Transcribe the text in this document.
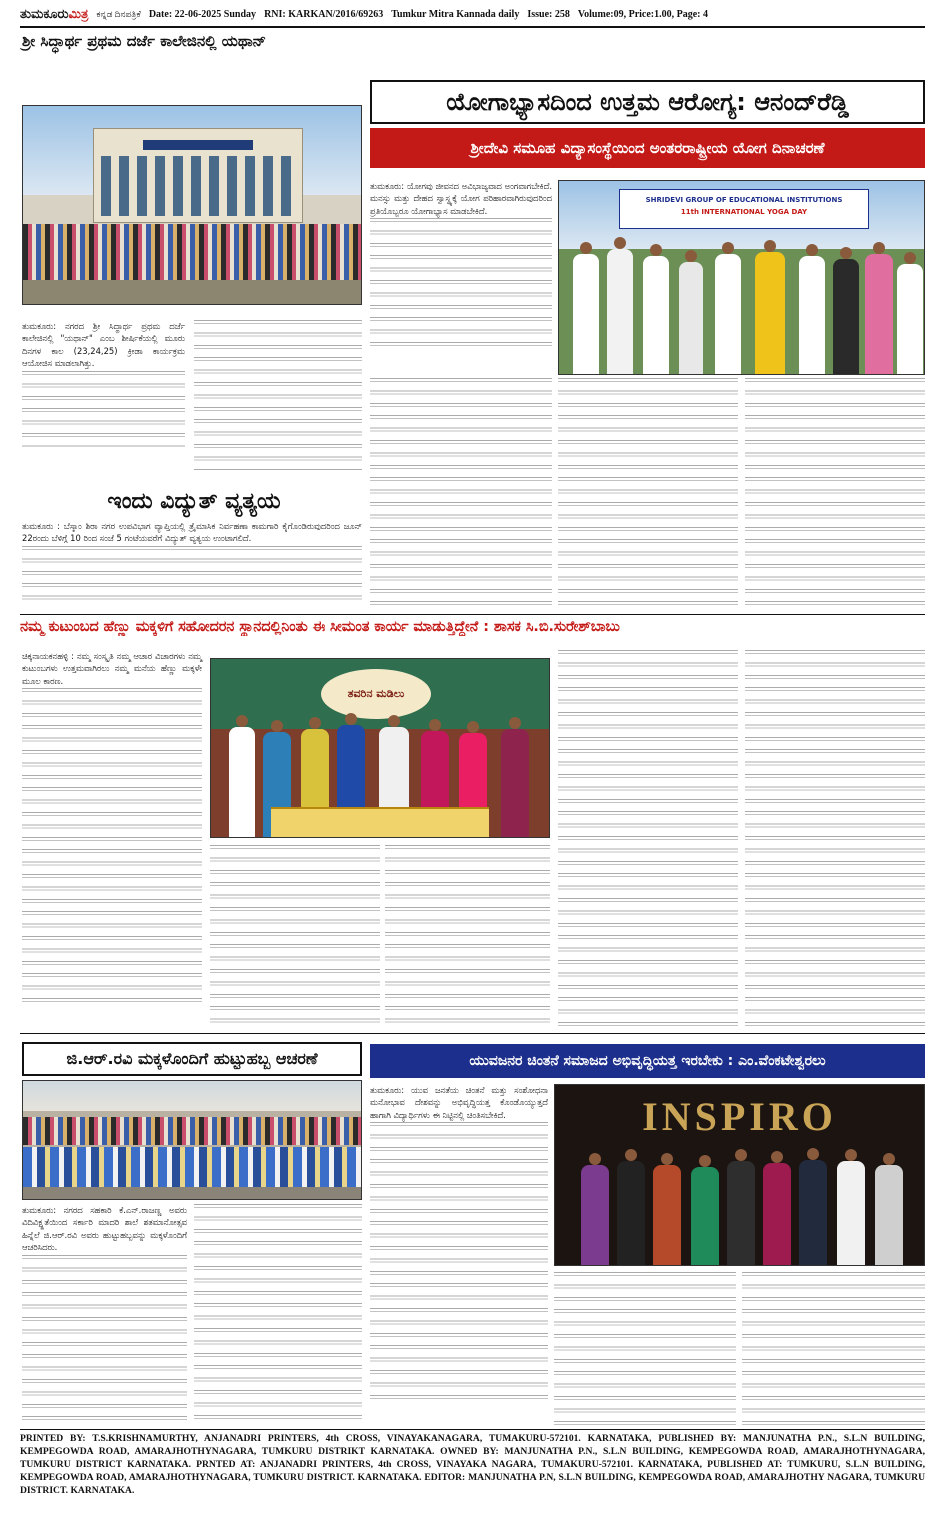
ತುಮಕೂರುಮಿತ್ರ ಕನ್ನಡ ದಿನಪತ್ರಿಕೆ Date: 22-06-2025 Sunday RNI: KARKAN/2016/69263 Tumkur Mitra Kannada daily Issue: 258 Volume:09, Price:1.00, Page: 4
ಶ್ರೀ ಸಿದ್ಧಾರ್ಥ ಪ್ರಥಮ ದರ್ಜೆ ಕಾಲೇಜಿನಲ್ಲಿ ಯಥಾನ್

ತುಮಕೂರು: ನಗರದ ಶ್ರೀ ಸಿದ್ಧಾರ್ಥ ಪ್ರಥಮ ದರ್ಜೆ ಕಾಲೇಜಿನಲ್ಲಿ "ಯಥಾನ್" ಎಂಬ ಶೀರ್ಷಿಕೆಯಲ್ಲಿ ಮೂರು ದಿನಗಳ ಕಾಲ (23,24,25) ಕ್ರೀಡಾ ಕಾರ್ಯಕ್ರಮ ಆಯೋಜಿಸ ಮಾಡಲಾಗಿತ್ತು.

ಇಂದು ವಿದ್ಯುತ್ ವ್ಯತ್ಯಯ

ತುಮಕೂರು : ಬೆಸ್ಕಾಂ ಶಿರಾ ನಗರ ಉಪವಿಭಾಗ ವ್ಯಾಪ್ತಿಯಲ್ಲಿ ತ್ರೈಮಾಸಿಕ ನಿರ್ವಹಣಾ ಕಾಮಗಾರಿ ಕೈಗೊಂಡಿರುವುದರಿಂದ ಜೂನ್ 22ರಂದು ಬೆಳಿಗ್ಗೆ 10 ರಿಂದ ಸಂಜೆ 5 ಗಂಟೆಯವರೆಗೆ ವಿದ್ಯುತ್ ವ್ಯತ್ಯಯ ಉಂಟಾಗಲಿದೆ.

ಯೋಗಾಭ್ಯಾಸದಿಂದ ಉತ್ತಮ ಆರೋಗ್ಯ: ಆನಂದ್‌ರೆಡ್ಡಿ
ಶ್ರೀದೇವಿ ಸಮೂಹ ವಿದ್ಯಾಸಂಸ್ಥೆಯಿಂದ ಅಂತರರಾಷ್ಟ್ರೀಯ ಯೋಗ ದಿನಾಚರಣೆ

ತುಮಕೂರು: ಯೋಗವು ಜೀವನದ ಅವಿಭಾಜ್ಯವಾದ ಅಂಗವಾಗಬೇಕಿದೆ. ಮನಸ್ಸು ಮತ್ತು ದೇಹದ ಸ್ವಾಸ್ಥ್ಯಕ್ಕೆ ಯೋಗ ಪರಿಹಾರವಾಗಿರುವುದರಿಂದ ಪ್ರತಿಯೊಬ್ಬರೂ ಯೋಗಾಭ್ಯಾಸ ಮಾಡಬೇಕಿದೆ.

SHRIDEVI GROUP OF EDUCATIONAL INSTITUTIONS
11th INTERNATIONAL YOGA DAY
ನಮ್ಮ ಕುಟುಂಬದ ಹೆಣ್ಣು ಮಕ್ಕಳಿಗೆ ಸಹೋದರನ ಸ್ಥಾನದಲ್ಲಿನಿಂತು ಈ ಸೀಮಂತ ಕಾರ್ಯ ಮಾಡುತ್ತಿದ್ದೇನೆ : ಶಾಸಕ ಸಿ.ಬಿ.ಸುರೇಶ್‌ಬಾಬು

ಚಿಕ್ಕನಾಯಕನಹಳ್ಳಿ : ನಮ್ಮ ಸಂಸ್ಕೃತಿ ನಮ್ಮ ಆಚಾರ ವಿಚಾರಗಳು ನಮ್ಮ ಕುಟುಂಬಗಳು ಉತ್ತಮವಾಗಿರಲು ನಮ್ಮ ಮನೆಯ ಹೆಣ್ಣು ಮಕ್ಕಳೇ ಮೂಲ ಕಾರಣ.

ತವರಿನ ಮಡಿಲು
ಜಿ.ಆರ್.ರವಿ ಮಕ್ಕಳೊಂದಿಗೆ ಹುಟ್ಟುಹಬ್ಬ ಆಚರಣೆ

ತುಮಕೂರು: ನಗರದ ಸಹಕಾರಿ ಕೆ.ಎನ್.ರಾಜಣ್ಣ ಅವರು ವಿದಿವಿಕ್ಷ್ಣತೆಯಿಂದ ಸರ್ಕಾರಿ ಮಾದರಿ ಶಾಲೆ ಶತಮಾನೋತ್ಸವ ಹಿನ್ನೆಲೆ ಜಿ.ಆರ್.ರವಿ ಅವರು ಹುಟ್ಟುಹಬ್ಬವನ್ನು ಮಕ್ಕಳೊಂದಿಗೆ ಆಚರಿಸಿದರು.

ಯುವಜನರ ಚಿಂತನೆ ಸಮಾಜದ ಅಭಿವೃದ್ಧಿಯತ್ತ ಇರಬೇಕು : ಎಂ.ವೆಂಕಟೇಶ್ವರಲು

ತುಮಕೂರು: ಯುವ ಜನತೆಯ ಚಿಂತನೆ ಮತ್ತು ಸಂಶೋಧನಾ ಮನೋಭಾವ ದೇಶವನ್ನು ಅಭಿವೃದ್ಧಿಯತ್ತ ಕೊಂಡೊಯ್ಯುತ್ತದೆ ಹಾಗಾಗಿ ವಿದ್ಯಾರ್ಥಿಗಳು ಈ ನಿಟ್ಟಿನಲ್ಲಿ ಚಿಂತಿಸಬೇಕಿದೆ.	INSPIRO
PRINTED BY: T.S.KRISHNAMURTHY, ANJANADRI PRINTERS, 4th CROSS, VINAYAKANAGARA, TUMAKURU-572101. KARNATAKA, PUBLISHED BY: MANJUNATHA P.N., S.L.N BUILDING, KEMPEGOWDA ROAD, AMARAJHOTHYNAGARA, TUMKURU DISTRIKT KARNATAKA. OWNED BY: MANJUNATHA P.N., S.L.N BUILDING, KEMPEGOWDA ROAD, AMARAJHOTHYNAGARA, TUMKURU DISTRICT KARNATAKA. PRNTED AT: ANJANADRI PRINTERS, 4th CROSS, VINAYAKA NAGARA, TUMAKURU-572101. KARNATAKA, PUBLISHED AT: TUMKURU, S.L.N BUILDING, KEMPEGOWDA ROAD, AMARAJHOTHYNAGARA, TUMKURU DISTRICT. KARNATAKA. EDITOR: MANJUNATHA P.N, S.L.N BUILDING, KEMPEGOWDA ROAD, AMARAJHOTHY NAGARA, TUMKURU DISTRICT. KARNATAKA.
